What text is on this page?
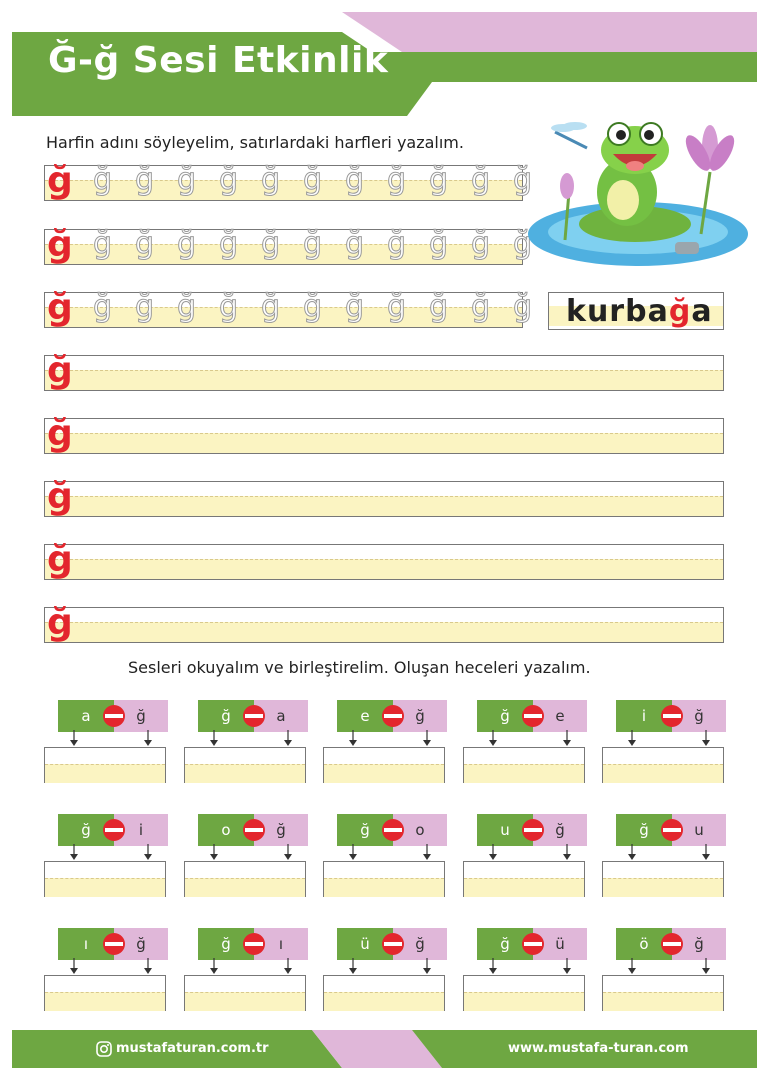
Ğ-ğ Sesi Etkinlik
Harfin adını söyleyelim, satırlardaki harfleri yazalım.
ğ ğ ğ ğ ğ ğ ğ ğ ğ ğ ğ ğ
ğ ğ ğ ğ ğ ğ ğ ğ ğ ğ ğ ğ
ğ ğ ğ ğ ğ ğ ğ ğ ğ ğ ğ ğ
ğ
ğ
ğ
ğ
ğ
kurbağa
Sesleri okuyalım ve birleştirelim. Oluşan heceleri yazalım.
a	ğ	ğ	a	e	ğ	ğ	e	i	ğ
ğ	i	o	ğ	ğ	o	u	ğ	ğ	u
ı	ğ	ğ	ı	ü	ğ	ğ	ü	ö	ğ
mustafaturan.com.tr	www.mustafa-turan.com
